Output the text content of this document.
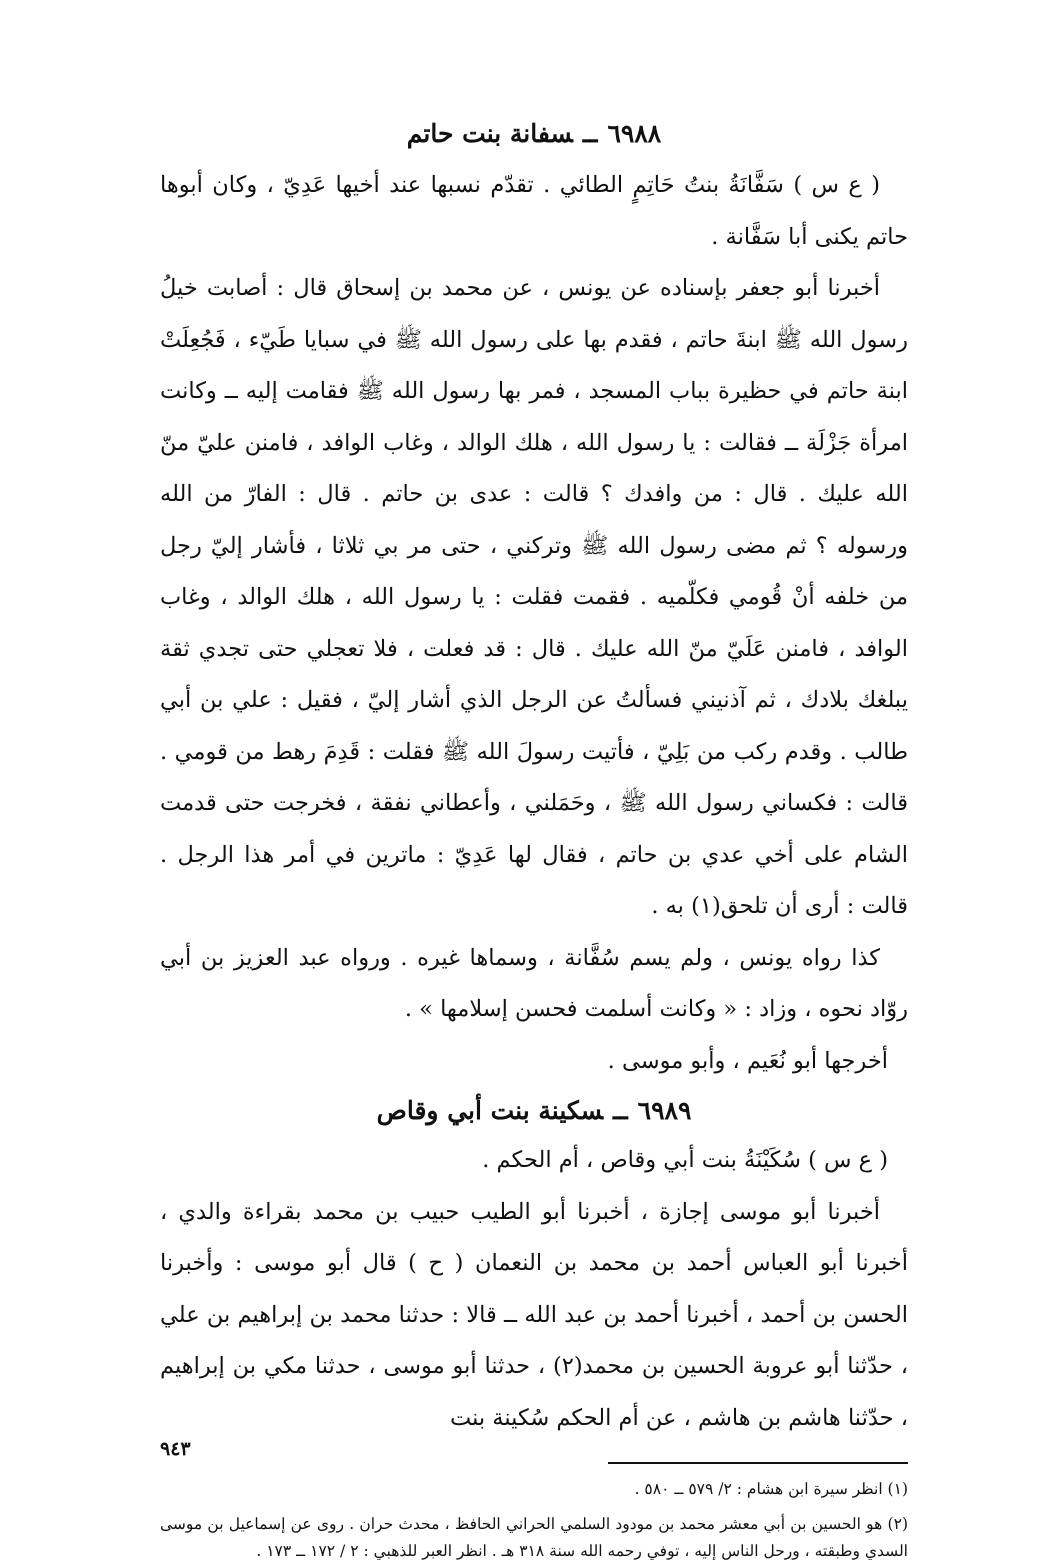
٦٩٨٨ــسفانة بنت حاتم

( ع س ) سَفَّانَةُ بنتُ حَاتِمٍ الطائي . تقدّم نسبها عند أخيها عَدِيّ ، وكان أبوها حاتم يكنى أبا سَفَّانة .

أخبرنا أبو جعفر بإسناده عن يونس ، عن محمد بن إسحاق قال : أصابت خيلُ رسول الله ﷺ ابنةَ حاتم ، فقدم بها على رسول الله ﷺ في سبايا طَيّء ، فَجُعِلَتْ ابنة حاتم في حظيرة بباب المسجد ، فمر بها رسول الله ﷺ فقامت إليه ــ وكانت امرأة جَزْلَة ــ فقالت : يا رسول الله ، هلك الوالد ، وغاب الوافد ، فامنن عليّ منّ الله عليك . قال : من وافدك ؟ قالت : عدى بن حاتم . قال : الفارّ من الله ورسوله ؟ ثم مضى رسول الله ﷺ وتركني ، حتى مر بي ثلاثا ، فأشار إليّ رجل من خلفه أنْ قُومي فكلّميه . فقمت فقلت : يا رسول الله ، هلك الوالد ، وغاب الوافد ، فامنن عَلَيّ منّ الله عليك . قال : قد فعلت ، فلا تعجلي حتى تجدي ثقة يبلغك بلادك ، ثم آذنيني فسألتُ عن الرجل الذي أشار إليّ ، فقيل : علي بن أبي طالب . وقدم ركب من بَلِيّ ، فأتيت رسولَ الله ﷺ فقلت : قَدِمَ رهط من قومي . قالت : فكساني رسول الله ﷺ ، وحَمَلني ، وأعطاني نفقة ، فخرجت حتى قدمت الشام على أخي عدي بن حاتم ، فقال لها عَدِيّ : ماترين في أمر هذا الرجل . قالت : أرى أن تلحق(١) به .

كذا رواه يونس ، ولم يسم سُفَّانة ، وسماها غيره . ورواه عبد العزيز بن أبي روّاد نحوه ، وزاد : « وكانت أسلمت فحسن إسلامها » .

أخرجها أبو نُعَيم ، وأبو موسى .

٦٩٨٩ــسكينة بنت أبي وقاص

( ع س ) سُكَيْنَةُ بنت أبي وقاص ، أم الحكم .

أخبرنا أبو موسى إجازة ، أخبرنا أبو الطيب حبيب بن محمد بقراءة والدي ، أخبرنا أبو العباس أحمد بن محمد بن النعمان ( ح ) قال أبو موسى : وأخبرنا الحسن بن أحمد ، أخبرنا أحمد بن عبد الله ــ قالا : حدثنا محمد بن إبراهيم بن علي ، حدّثنا أبو عروبة الحسين بن محمد(٢) ، حدثنا أبو موسى ، حدثنا مكي بن إبراهيم ، حدّثنا هاشم بن هاشم ، عن أم الحكم سُكينة بنت

(١) انظر سيرة ابن هشام : ٢/ ٥٧٩ ــ ٥٨٠ .

(٢) هو الحسين بن أبي معشر محمد بن مودود السلمي الحراني الحافظ ، محدث حران . روى عن إسماعيل بن موسى السدي وطبقته ، ورحل الناس إليه ، توفي رحمه الله سنة ٣١٨ هـ . انظر العبر للذهبي : ٢ / ١٧٢ ــ ١٧٣ .

٩٤٣
